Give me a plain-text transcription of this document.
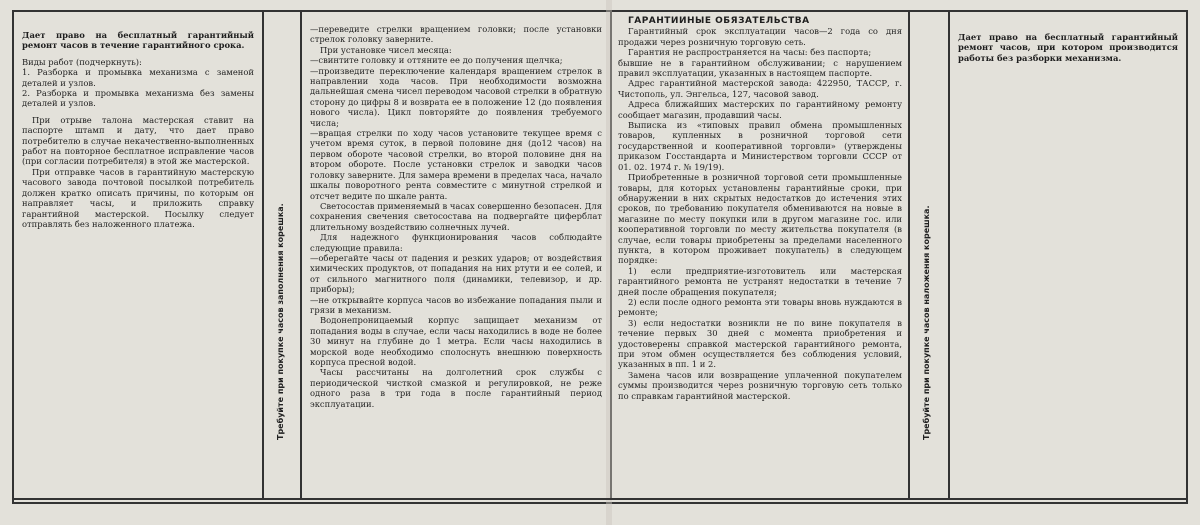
Дает право на бесплатный гарантийный ремонт часов в течение гарантийного срока.

Виды работ (подчеркнуть):

1. Разборка и промывка механизма с заменой деталей и узлов.

2. Разборка и промывка механизма без замены деталей и узлов.

При отрыве талона мастерская ставит на паспорте штамп и дату, что дает право потребителю в случае некачественно-выполненных работ на повторное бесплатное исправление часов (при согласии потребителя) в этой же мастерской.

При отправке часов в гарантийную мастерскую часового завода почтовой посылкой потребитель должен кратко описать причины, по которым он направляет часы, и приложить справку гарантийной мастерской. Посылку следует отправлять без наложенного платежа.	Требуйте при покупке часов заполнения корешка.

—переведите стрелки вращением головки; после установки стрелок головку заверните.

При установке чисел месяца:

—свинтите головку и оттяните ее до получения щелчка;

—произведите переключение календаря вращением стрелок в направлении хода часов. При необходимости возможна дальнейшая смена чисел переводом часовой стрелки в обратную сторону до цифры 8 и возврата ее в положение 12 (до появления нового числа). Цикл повторяйте до появления требуемого числа;

—вращая стрелки по ходу часов установите текущее время с учетом время суток, в первой половине дня (до12 часов) на первом обороте часовой стрелки, во второй половине дня на втором обороте. После установки стрелок и заводки часов головку заверните. Для замера времени в пределах часа, начало шкалы поворотного рента совместите с минутной стрелкой и отсчет ведите по шкале ранта.

Светосостав применяемый в часах совершенно безопасен. Для сохранения свечения светосостава на подвергайте циферблат длительному воздействию солнечных лучей.

Для надежного функционирования часов соблюдайте следующие правила:

—оберегайте часы от падения и резких ударов; от воздействия химических продуктов, от попадания на них ртути и ее солей, и от сильного магнитного поля (динамики, телевизор, и др. приборы);

—не открывайте корпуса часов во избежание попадания пыли и грязи в механизм.

Водонепроницаемый корпус защищает механизм от попадания воды в случае, если часы находились в воде не более 30 минут на глубине до 1 метра. Если часы находились в морской воде необходимо сполоснуть внешнюю поверхность корпуса пресной водой.

Часы рассчитаны на долголетний срок службы с периодической чисткой смазкой и регулировкой, не реже одного раза в три года в после гарантийный период эксплуатации.

ГАРАНТИЙНЫЕ ОБЯЗАТЕЛЬСТВА

Гарантийный срок эксплуатации часов—2 года со дня продажи через розничную торговую сеть.

Гарантия не распространяется на часы: без паспорта;

бывшие не в гарантийном обслуживании; с нарушением правил эксплуатации, указанных в настоящем паспорте.

Адрес гарантийной мастерской завода: 422950, ТАССР, г. Чистополь, ул. Энгельса, 127, часовой завод.

Адреса ближайших мастерских по гарантийному ремонту сообщает магазин, продавший часы.

Выписка из «типовых правил обмена промышленных товаров, купленных в розничной торговой сети государственной и кооперативной торговли» (утверждены приказом Госстандарта и Министерством торговли СССР от 01. 02. 1974 г. № 19/19).

Приобретенные в розничной торговой сети промышленные товары, для которых установлены гарантийные сроки, при обнаружении в них скрытых недостатков до истечения этих сроков, по требованию покупателя обмениваются на новые в магазине по месту покупки или в другом магазине гос. или кооперативной торговли по месту жительства покупателя (в случае, если товары приобретены за пределами населенного пункта, в котором проживает покупатель) в следующем порядке:

1) если предприятие-изготовитель или мастерская гарантийного ремонта не устранят недостатки в течение 7 дней после обращения покупателя;

2) если после одного ремонта эти товары вновь нуждаются в ремонте;

3) если недостатки возникли не по вине покупателя в течение первых 30 дней с момента приобретения и удостоверены справкой мастерской гарантийного ремонта, при этом обмен осуществляется без соблюдения условий, указанных в пп. 1 и 2.

Замена часов или возвращение уплаченной покупателем суммы производится через розничную торговую сеть только по справкам гарантийной мастерской.	Требуйте при покупке часов наложения корешка.

Дает право на бесплатный гарантийный ремонт часов, при котором производится работы без разборки механизма.
